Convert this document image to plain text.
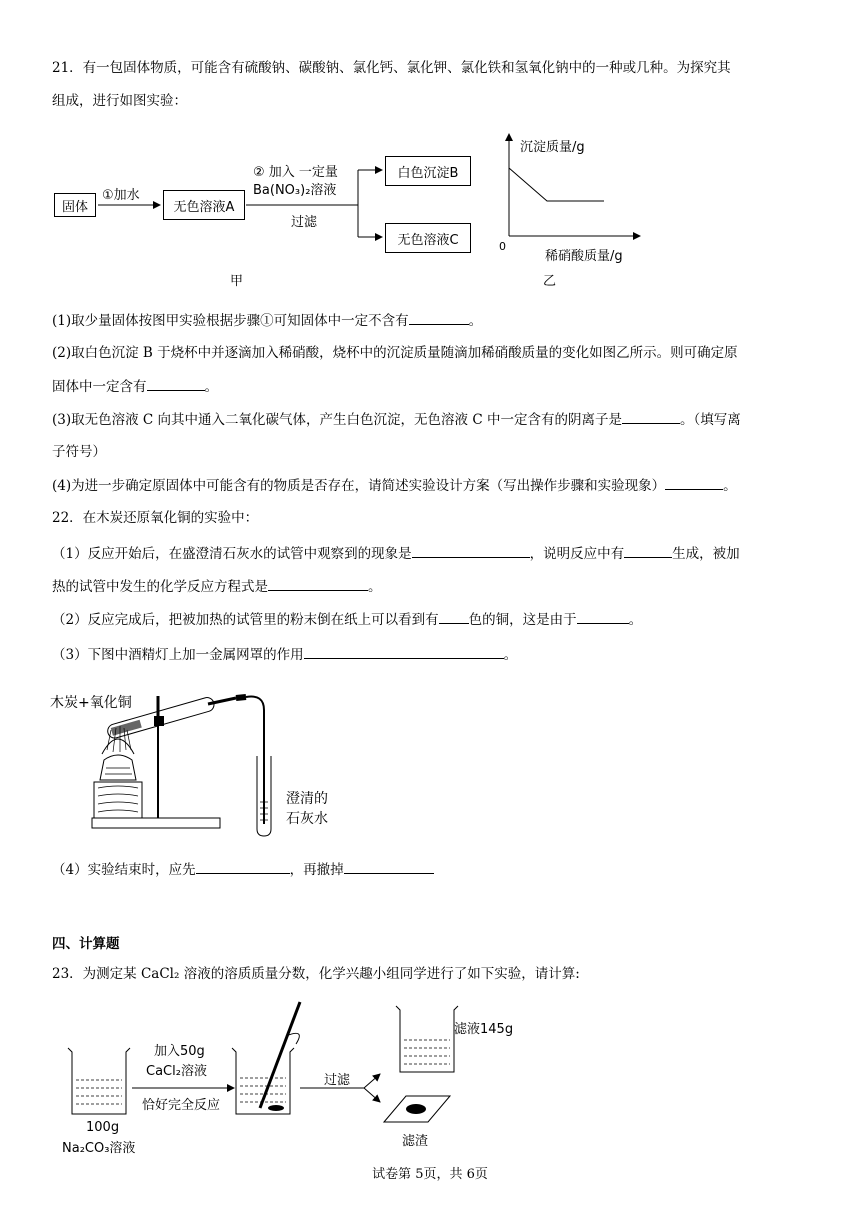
21．有一包固体物质，可能含有硫酸钠、碳酸钠、氯化钙、氯化钾、氯化铁和氢氧化钠中的一种或几种。为探究其
组成，进行如图实验：
固体
①加水
无色溶液A
② 加入 一定量
Ba(NO₃)₂溶液
过滤
白色沉淀B
无色溶液C
甲
沉淀质量/g
0
稀硝酸质量/g
乙
(1)取少量固体按图甲实验根据步骤①可知固体中一定不含有	。
(2)取白色沉淀 B 于烧杯中并逐滴加入稀硝酸，烧杯中的沉淀质量随滴加稀硝酸质量的变化如图乙所示。则可确定原
固体中一定含有	。
(3)取无色溶液 C 向其中通入二氧化碳气体，产生白色沉淀，无色溶液 C 中一定含有的阴离子是	。（填写离
子符号）
(4)为进一步确定原固体中可能含有的物质是否存在，请简述实验设计方案（写出操作步骤和实验现象）	。
22．在木炭还原氧化铜的实验中：
（1）反应开始后，在盛澄清石灰水的试管中观察到的现象是	，说明反应中有	生成，被加
热的试管中发生的化学反应方程式是	。
（2）反应完成后，把被加热的试管里的粉末倒在纸上可以看到有 色的铜，这是由于	。
（3）下图中酒精灯上加一金属网罩的作用	。
木炭+氧化铜
澄清的
石灰水
（4）实验结束时，应先	，再撤掉
四、计算题
23．为测定某 CaCl₂ 溶液的溶质质量分数，化学兴趣小组同学进行了如下实验，请计算:
100g
Na₂CO₃溶液
加入50g
CaCl₂溶液
恰好完全反应
过滤
滤液145g
滤渣
试卷第 5页，共 6页
